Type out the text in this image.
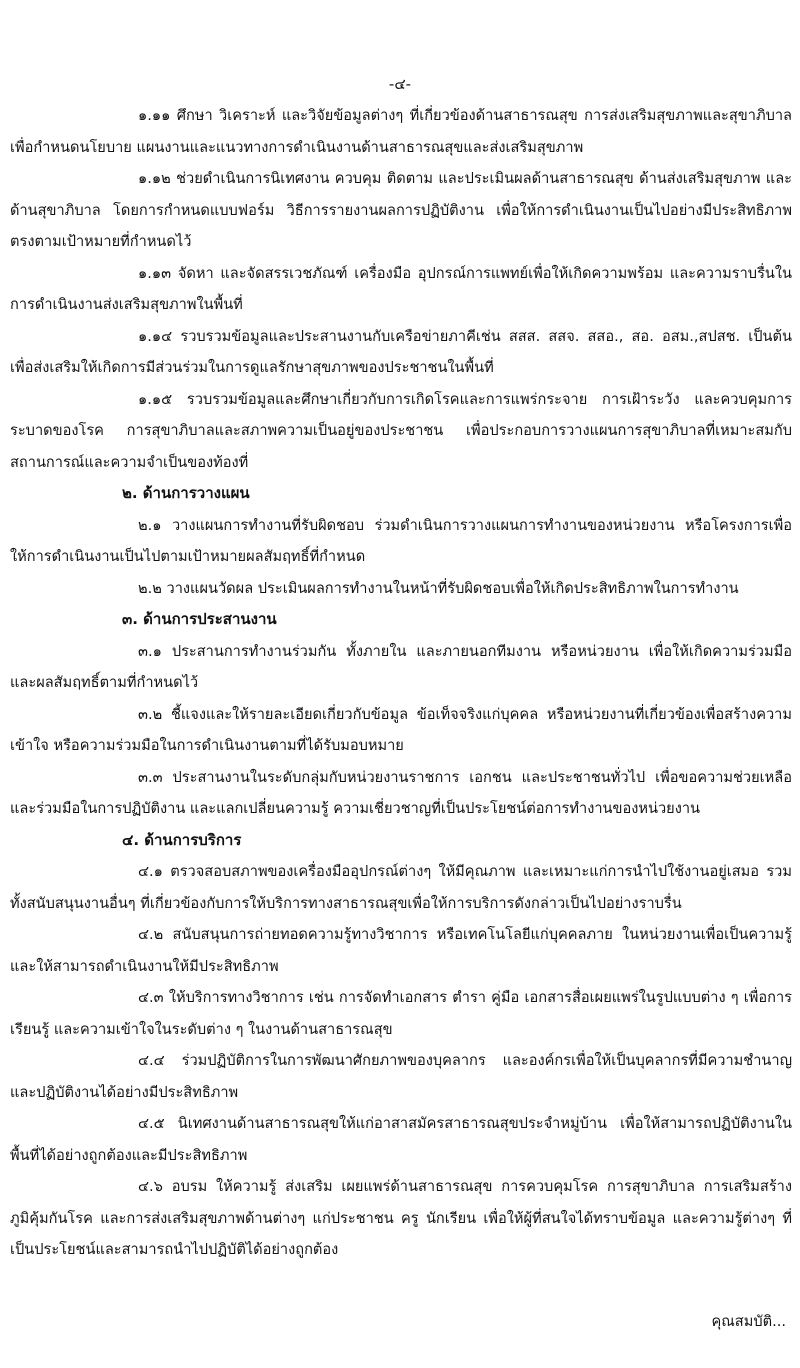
-๔-

๑.๑๑ ศึกษา วิเคราะห์ และวิจัยข้อมูลต่างๆ ที่เกี่ยวข้องด้านสาธารณสุข การส่งเสริมสุขภาพและสุขาภิบาลเพื่อกำหนดนโยบาย แผนงานและแนวทางการดำเนินงานด้านสาธารณสุขและส่งเสริมสุขภาพ

๑.๑๒ ช่วยดำเนินการนิเทศงาน ควบคุม ติดตาม และประเมินผลด้านสาธารณสุข ด้านส่งเสริมสุขภาพ และด้านสุขาภิบาล โดยการกำหนดแบบฟอร์ม วิธีการรายงานผลการปฏิบัติงาน เพื่อให้การดำเนินงานเป็นไปอย่างมีประสิทธิภาพตรงตามเป้าหมายที่กำหนดไว้

๑.๑๓ จัดหา และจัดสรรเวชภัณฑ์ เครื่องมือ อุปกรณ์การแพทย์เพื่อให้เกิดความพร้อม และความราบรื่นในการดำเนินงานส่งเสริมสุขภาพในพื้นที่

๑.๑๔ รวบรวมข้อมูลและประสานงานกับเครือข่ายภาคีเช่น สสส. สสจ. สสอ., สอ. อสม.,สปสช. เป็นต้น เพื่อส่งเสริมให้เกิดการมีส่วนร่วมในการดูแลรักษาสุขภาพของประชาชนในพื้นที่

๑.๑๕ รวบรวมข้อมูลและศึกษาเกี่ยวกับการเกิดโรคและการแพร่กระจาย การเฝ้าระวัง และควบคุมการระบาดของโรค การสุขาภิบาลและสภาพความเป็นอยู่ของประชาชน เพื่อประกอบการวางแผนการสุขาภิบาลที่เหมาะสมกับสถานการณ์และความจำเป็นของท้องที่

๒. ด้านการวางแผน

๒.๑ วางแผนการทำงานที่รับผิดชอบ ร่วมดำเนินการวางแผนการทำงานของหน่วยงาน หรือโครงการเพื่อให้การดำเนินงานเป็นไปตามเป้าหมายผลสัมฤทธิ์ที่กำหนด

๒.๒ วางแผนวัดผล ประเมินผลการทำงานในหน้าที่รับผิดชอบเพื่อให้เกิดประสิทธิภาพในการทำงาน

๓. ด้านการประสานงาน

๓.๑ ประสานการทำงานร่วมกัน ทั้งภายใน และภายนอกทีมงาน หรือหน่วยงาน เพื่อให้เกิดความร่วมมือ และผลสัมฤทธิ์ตามที่กำหนดไว้

๓.๒ ชี้แจงและให้รายละเอียดเกี่ยวกับข้อมูล ข้อเท็จจริงแก่บุคคล หรือหน่วยงานที่เกี่ยวข้องเพื่อสร้างความเข้าใจ หรือความร่วมมือในการดำเนินงานตามที่ได้รับมอบหมาย

๓.๓ ประสานงานในระดับกลุ่มกับหน่วยงานราชการ เอกชน และประชาชนทั่วไป เพื่อขอความช่วยเหลือและร่วมมือในการปฏิบัติงาน และแลกเปลี่ยนความรู้ ความเชี่ยวชาญที่เป็นประโยชน์ต่อการทำงานของหน่วยงาน

๔. ด้านการบริการ

๔.๑ ตรวจสอบสภาพของเครื่องมืออุปกรณ์ต่างๆ ให้มีคุณภาพ และเหมาะแก่การนำไปใช้งานอยู่เสมอ รวมทั้งสนับสนุนงานอื่นๆ ที่เกี่ยวข้องกับการให้บริการทางสาธารณสุขเพื่อให้การบริการดังกล่าวเป็นไปอย่างราบรื่น

๔.๒ สนับสนุนการถ่ายทอดความรู้ทางวิชาการ หรือเทคโนโลยีแก่บุคคลภาย ในหน่วยงานเพื่อเป็นความรู้ และให้สามารถดำเนินงานให้มีประสิทธิภาพ

๔.๓ ให้บริการทางวิชาการ เช่น การจัดทำเอกสาร ตำรา คู่มือ เอกสารสื่อเผยแพร่ในรูปแบบต่าง ๆ เพื่อการเรียนรู้ และความเข้าใจในระดับต่าง ๆ ในงานด้านสาธารณสุข

๔.๔ ร่วมปฏิบัติการในการพัฒนาศักยภาพของบุคลากร และองค์กรเพื่อให้เป็นบุคลากรที่มีความชำนาญ และปฏิบัติงานได้อย่างมีประสิทธิภาพ

๔.๕ นิเทศงานด้านสาธารณสุขให้แก่อาสาสมัครสาธารณสุขประจำหมู่บ้าน เพื่อให้สามารถปฏิบัติงานในพื้นที่ได้อย่างถูกต้องและมีประสิทธิภาพ

๔.๖ อบรม ให้ความรู้ ส่งเสริม เผยแพร่ด้านสาธารณสุข การควบคุมโรค การสุขาภิบาล การเสริมสร้างภูมิคุ้มกันโรค และการส่งเสริมสุขภาพด้านต่างๆ แก่ประชาชน ครู นักเรียน เพื่อให้ผู้ที่สนใจได้ทราบข้อมูล และความรู้ต่างๆ ที่เป็นประโยชน์และสามารถนำไปปฏิบัติได้อย่างถูกต้อง

คุณสมบัติ...
